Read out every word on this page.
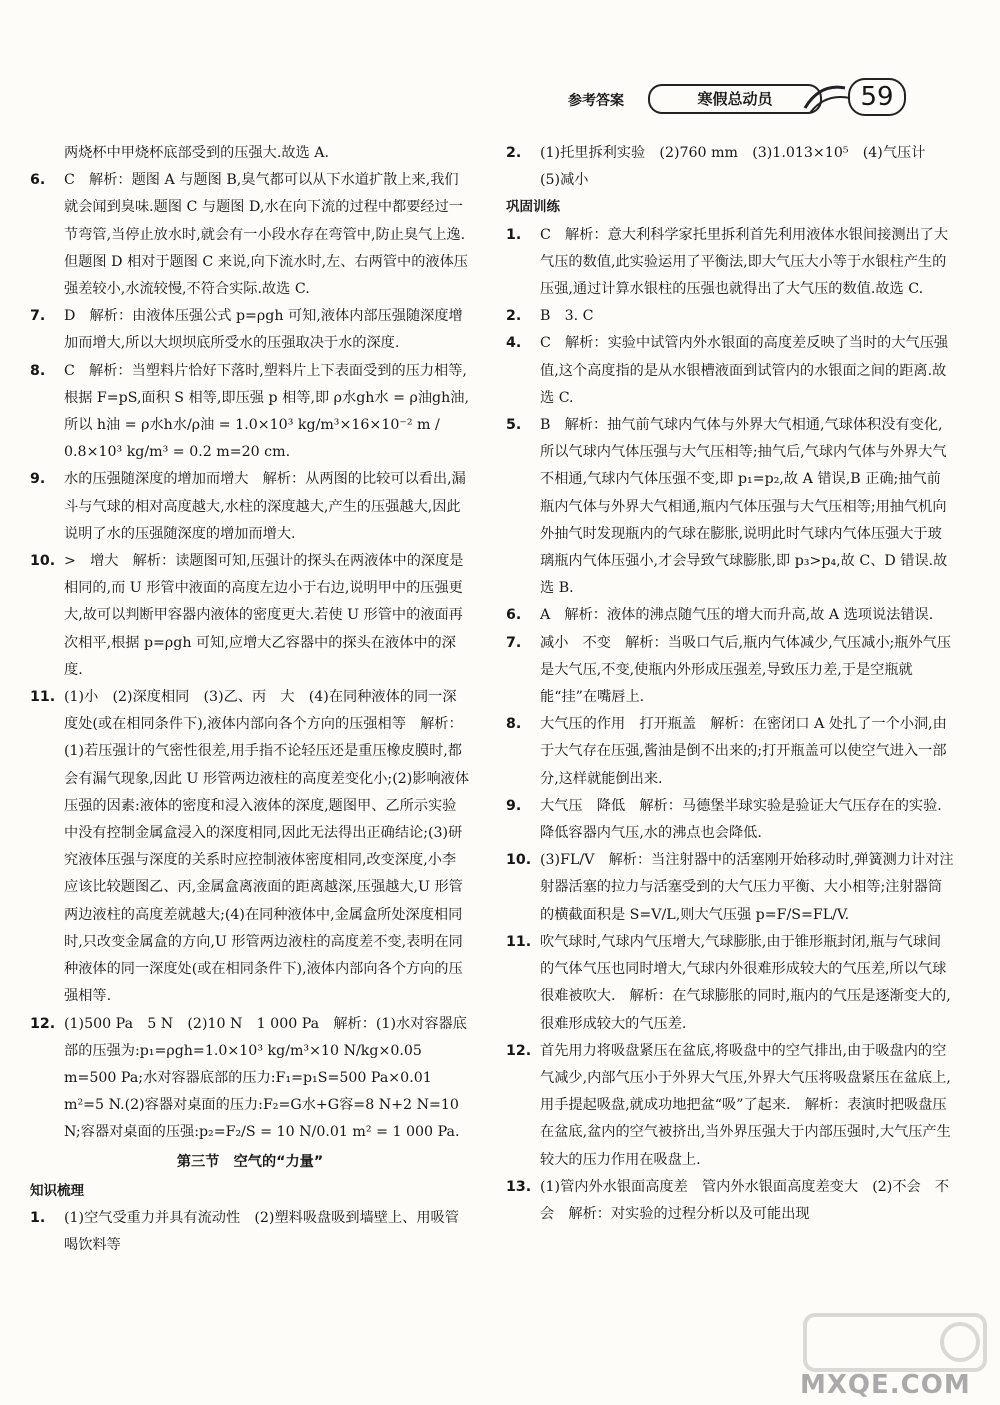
参考答案	寒假总动员	59

两烧杯中甲烧杯底部受到的压强大.故选 A.

6. C　解析：题图 A 与题图 B,臭气都可以从下水道扩散上来,我们就会闻到臭味.题图 C 与题图 D,水在向下流的过程中都要经过一节弯管,当停止放水时,就会有一小段水存在弯管中,防止臭气上逸.但题图 D 相对于题图 C 来说,向下流水时,左、右两管中的液体压强差较小,水流较慢,不符合实际.故选 C.

7. D　解析：由液体压强公式 p=ρgh 可知,液体内部压强随深度增加而增大,所以大坝坝底所受水的压强取决于水的深度.

8. C　解析：当塑料片恰好下落时,塑料片上下表面受到的压力相等,根据 F=pS,面积 S 相等,即压强 p 相等,即 ρ水gh水 = ρ油gh油,所以 h油 = ρ水h水/ρ油 = 1.0×10³ kg/m³×16×10⁻² m / 0.8×10³ kg/m³ = 0.2 m=20 cm.

9. 水的压强随深度的增加而增大　解析：从两图的比较可以看出,漏斗与气球的相对高度越大,水柱的深度越大,产生的压强越大,因此说明了水的压强随深度的增加而增大.

10. >　增大　解析：读题图可知,压强计的探头在两液体中的深度是相同的,而 U 形管中液面的高度左边小于右边,说明甲中的压强更大,故可以判断甲容器内液体的密度更大.若使 U 形管中的液面再次相平,根据 p=ρgh 可知,应增大乙容器中的探头在液体中的深度.

11. (1)小　(2)深度相同　(3)乙、丙　大　(4)在同种液体的同一深度处(或在相同条件下),液体内部向各个方向的压强相等　解析：(1)若压强计的气密性很差,用手指不论轻压还是重压橡皮膜时,都会有漏气现象,因此 U 形管两边液柱的高度差变化小;(2)影响液体压强的因素:液体的密度和浸入液体的深度,题图甲、乙所示实验中没有控制金属盒浸入的深度相同,因此无法得出正确结论;(3)研究液体压强与深度的关系时应控制液体密度相同,改变深度,小李应该比较题图乙、丙,金属盒离液面的距离越深,压强越大,U 形管两边液柱的高度差就越大;(4)在同种液体中,金属盒所处深度相同时,只改变金属盒的方向,U 形管两边液柱的高度差不变,表明在同种液体的同一深度处(或在相同条件下),液体内部向各个方向的压强相等.

12. (1)500 Pa　5 N　(2)10 N　1 000 Pa　解析：(1)水对容器底部的压强为:p₁=ρgh=1.0×10³ kg/m³×10 N/kg×0.05 m=500 Pa;水对容器底部的压力:F₁=p₁S=500 Pa×0.01 m²=5 N.(2)容器对桌面的压力:F₂=G水+G容=8 N+2 N=10 N;容器对桌面的压强:p₂=F₂/S = 10 N/0.01 m² = 1 000 Pa.

第三节　空气的“力量”

知识梳理

1. (1)空气受重力并具有流动性　(2)塑料吸盘吸到墙壁上、用吸管喝饮料等

2. (1)托里拆利实验　(2)760 mm　(3)1.013×10⁵　(4)气压计　(5)减小

巩固训练

1. C　解析：意大利科学家托里拆利首先利用液体水银间接测出了大气压的数值,此实验运用了平衡法,即大气压大小等于水银柱产生的压强,通过计算水银柱的压强也就得出了大气压的数值.故选 C.

2. B　3. C

4. C　解析：实验中试管内外水银面的高度差反映了当时的大气压强值,这个高度指的是从水银槽液面到试管内的水银面之间的距离.故选 C.

5. B　解析：抽气前气球内气体与外界大气相通,气球体积没有变化,所以气球内气体压强与大气压相等;抽气后,气球内气体与外界大气不相通,气球内气体压强不变,即 p₁=p₂,故 A 错误,B 正确;抽气前瓶内气体与外界大气相通,瓶内气体压强与大气压相等;用抽气机向外抽气时发现瓶内的气球在膨胀,说明此时气球内气体压强大于玻璃瓶内气体压强小,才会导致气球膨胀,即 p₃>p₄,故 C、D 错误.故选 B.

6. A　解析：液体的沸点随气压的增大而升高,故 A 选项说法错误.

7. 减小　不变　解析：当吸口气后,瓶内气体减少,气压减小;瓶外气压是大气压,不变,使瓶内外形成压强差,导致压力差,于是空瓶就能“挂”在嘴唇上.

8. 大气压的作用　打开瓶盖　解析：在密闭口 A 处扎了一个小洞,由于大气存在压强,酱油是倒不出来的;打开瓶盖可以使空气进入一部分,这样就能倒出来.

9. 大气压　降低　解析：马德堡半球实验是验证大气压存在的实验.降低容器内气压,水的沸点也会降低.

10. (3)FL/V　解析：当注射器中的活塞刚开始移动时,弹簧测力计对注射器活塞的拉力与活塞受到的大气压力平衡、大小相等;注射器筒的横截面积是 S=V/L,则大气压强 p=F/S=FL/V.

11. 吹气球时,气球内气压增大,气球膨胀,由于锥形瓶封闭,瓶与气球间的气体气压也同时增大,气球内外很难形成较大的气压差,所以气球很难被吹大.　解析：在气球膨胀的同时,瓶内的气压是逐渐变大的,很难形成较大的气压差.

12. 首先用力将吸盘紧压在盆底,将吸盘中的空气排出,由于吸盘内的空气减少,内部气压小于外界大气压,外界大气压将吸盘紧压在盆底上,用手提起吸盘,就成功地把盆“吸”了起来.　解析：表演时把吸盘压在盆底,盆内的空气被挤出,当外界压强大于内部压强时,大气压产生较大的压力作用在吸盘上.

13. (1)管内外水银面高度差　管内外水银面高度差变大　(2)不会　不会　解析：对实验的过程分析以及可能出现

MXQE.COM
